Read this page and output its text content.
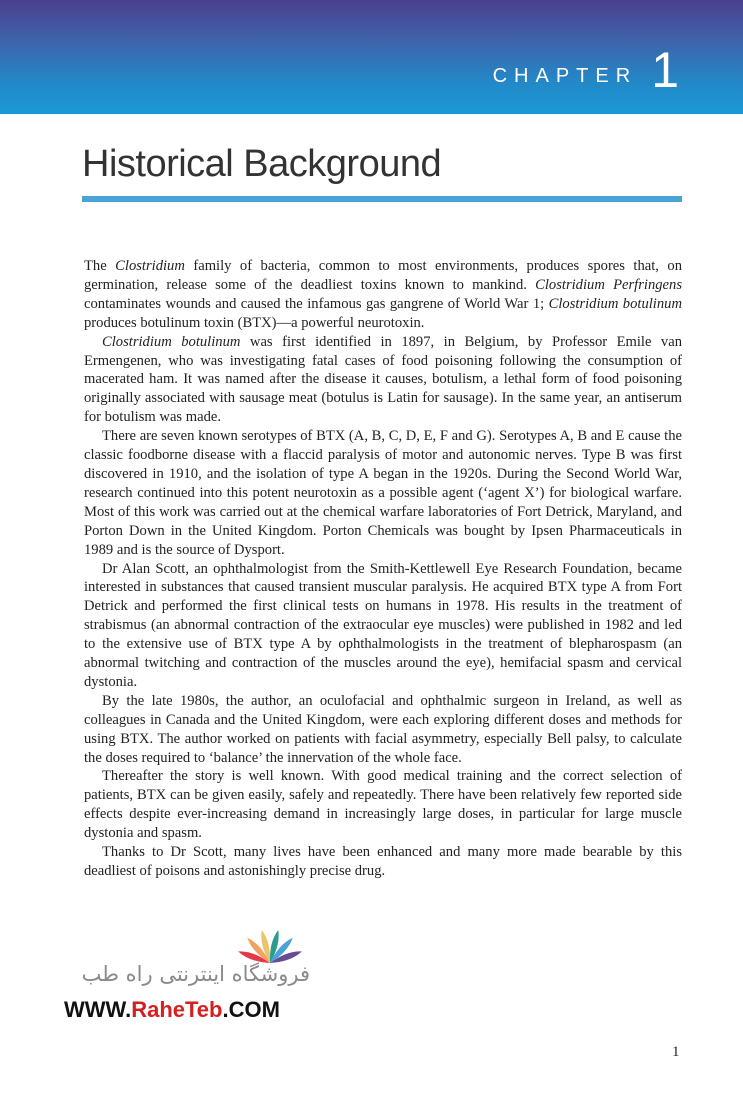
CHAPTER 1
Historical Background

The Clostridium family of bacteria, common to most environments, produces spores that, on germination, release some of the deadliest toxins known to mankind. Clostridium Perfringens contaminates wounds and caused the infamous gas gangrene of World War 1; Clostridium botulinum produces botulinum toxin (BTX)—a powerful neurotoxin.

Clostridium botulinum was first identified in 1897, in Belgium, by Professor Emile van Ermengenen, who was investigating fatal cases of food poisoning following the consumption of macerated ham. It was named after the disease it causes, botulism, a lethal form of food poisoning originally associated with sausage meat (botulus is Latin for sausage). In the same year, an antiserum for botulism was made.

There are seven known serotypes of BTX (A, B, C, D, E, F and G). Serotypes A, B and E cause the classic foodborne disease with a flaccid paralysis of motor and autonomic nerves. Type B was first discovered in 1910, and the isolation of type A began in the 1920s. During the Second World War, research continued into this potent neurotoxin as a possible agent (‘agent X’) for biological warfare. Most of this work was carried out at the chemical warfare laboratories of Fort Detrick, Maryland, and Porton Down in the United Kingdom. Porton Chemicals was bought by Ipsen Pharmaceuticals in 1989 and is the source of Dysport.

Dr Alan Scott, an ophthalmologist from the Smith-Kettlewell Eye Research Foundation, became interested in substances that caused transient muscular paralysis. He acquired BTX type A from Fort Detrick and performed the first clinical tests on humans in 1978. His results in the treatment of strabismus (an abnormal contraction of the extraocular eye muscles) were published in 1982 and led to the extensive use of BTX type A by ophthalmologists in the treatment of blepharospasm (an abnormal twitching and contraction of the muscles around the eye), hemifacial spasm and cervical dystonia.

By the late 1980s, the author, an oculofacial and ophthalmic surgeon in Ireland, as well as colleagues in Canada and the United Kingdom, were each exploring different doses and methods for using BTX. The author worked on patients with facial asymmetry, especially Bell palsy, to calculate the doses required to ‘balance’ the innervation of the whole face.

Thereafter the story is well known. With good medical training and the correct selection of patients, BTX can be given easily, safely and repeatedly. There have been relatively few reported side effects despite ever-increasing demand in increasingly large doses, in particular for large muscle dystonia and spasm.

Thanks to Dr Scott, many lives have been enhanced and many more made bearable by this deadliest of poisons and astonishingly precise drug.

فروشگاه اینترنتی راه طب
WWW.RaheTeb.COM
1
